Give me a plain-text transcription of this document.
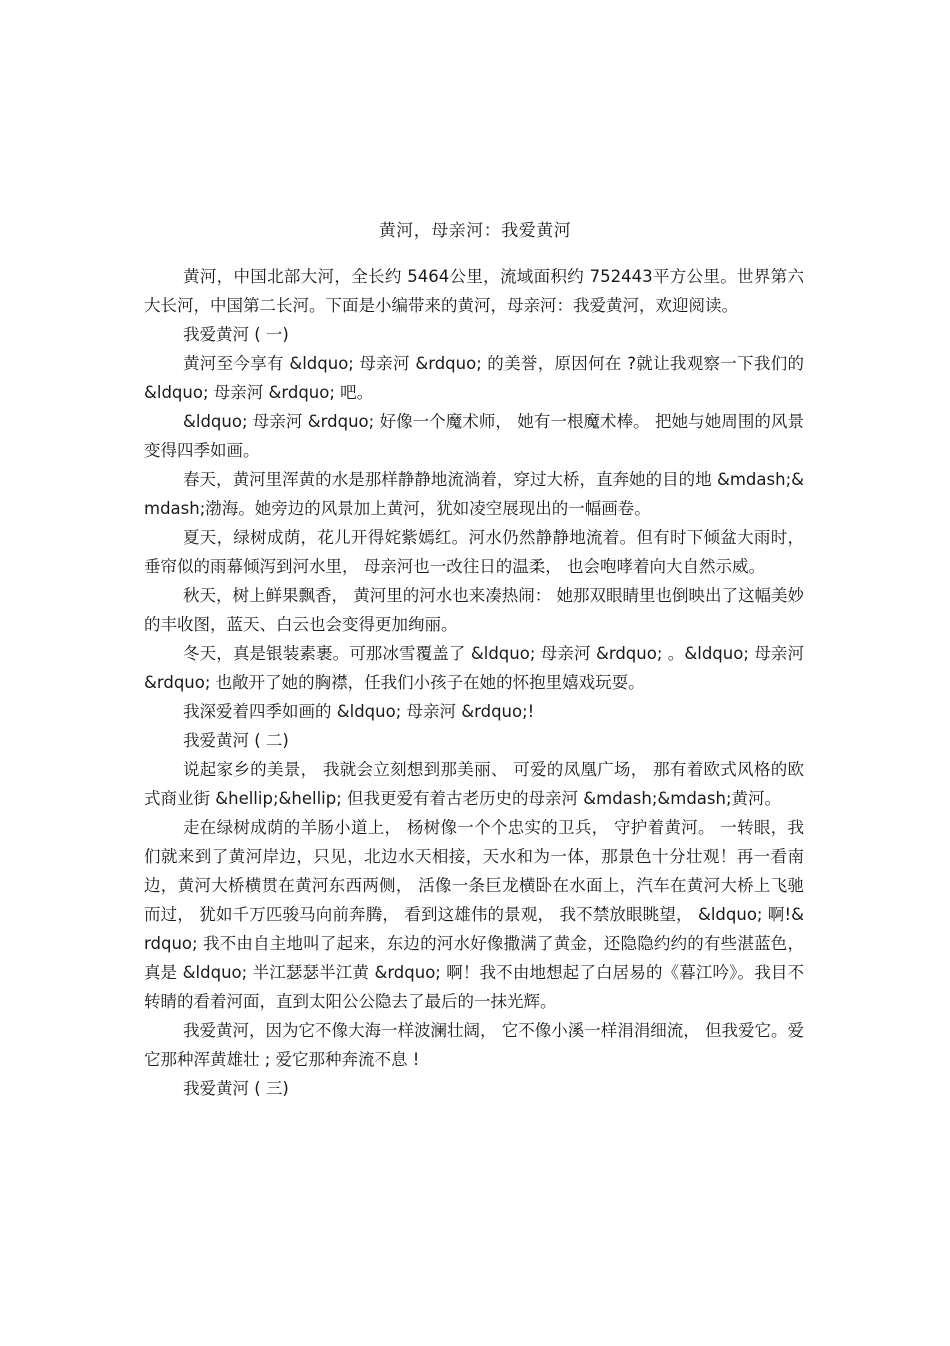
黄河，母亲河：我爱黄河

黄河，中国北部大河，全长约 5464公里，流域面积约 752443平方公里。世界第六大长河，中国第二长河。下面是小编带来的黄河，母亲河：我爱黄河，欢迎阅读。

我爱黄河 ( 一)

黄河至今享有 &ldquo; 母亲河 &rdquo; 的美誉，原因何在 ?就让我观察一下我们的 &ldquo; 母亲河 &rdquo; 吧。

&ldquo; 母亲河 &rdquo; 好像一个魔术师， 她有一根魔术棒。 把她与她周围的风景变得四季如画。

春天，黄河里浑黄的水是那样静静地流淌着，穿过大桥，直奔她的目的地 &mdash;&mdash;渤海。她旁边的风景加上黄河，犹如凌空展现出的一幅画卷。

夏天，绿树成荫，花儿开得姹紫嫣红。河水仍然静静地流着。但有时下倾盆大雨时，垂帘似的雨幕倾泻到河水里， 母亲河也一改往日的温柔， 也会咆哮着向大自然示威。

秋天，树上鲜果飘香， 黄河里的河水也来凑热闹： 她那双眼睛里也倒映出了这幅美妙的丰收图，蓝天、白云也会变得更加绚丽。

冬天，真是银装素裹。可那冰雪覆盖了 &ldquo; 母亲河 &rdquo; 。&ldquo; 母亲河 &rdquo; 也敞开了她的胸襟，任我们小孩子在她的怀抱里嬉戏玩耍。

我深爱着四季如画的 &ldquo; 母亲河 &rdquo;!

我爱黄河 ( 二)

说起家乡的美景， 我就会立刻想到那美丽、 可爱的凤凰广场， 那有着欧式风格的欧式商业街 &hellip;&hellip; 但我更爱有着古老历史的母亲河 &mdash;&mdash;黄河。

走在绿树成荫的羊肠小道上， 杨树像一个个忠实的卫兵， 守护着黄河。 一转眼，我们就来到了黄河岸边，只见，北边水天相接，天水和为一体，那景色十分壮观！再一看南边，黄河大桥横贯在黄河东西两侧， 活像一条巨龙横卧在水面上，汽车在黄河大桥上飞驰而过， 犹如千万匹骏马向前奔腾， 看到这雄伟的景观， 我不禁放眼眺望， &ldquo; 啊!&rdquo; 我不由自主地叫了起来，东边的河水好像撒满了黄金，还隐隐约约的有些湛蓝色，真是 &ldquo; 半江瑟瑟半江黄 &rdquo; 啊！我不由地想起了白居易的《暮江吟》。我目不转睛的看着河面，直到太阳公公隐去了最后的一抹光辉。

我爱黄河，因为它不像大海一样波澜壮阔， 它不像小溪一样涓涓细流， 但我爱它。爱它那种浑黄雄壮 ; 爱它那种奔流不息 !

我爱黄河 ( 三)
